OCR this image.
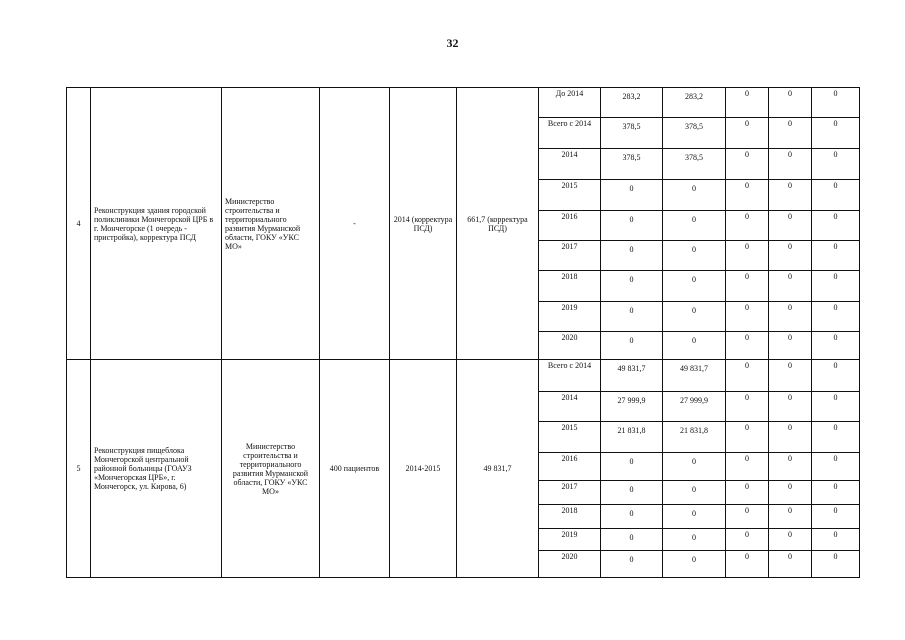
32
4	Реконструкция здания городской поликлиники Мончегорской ЦРБ в г. Мончегорске (1 очередь - пристройка), корректура ПСД	Министерство строительства и территориального развития Мурманской области, ГОКУ «УКС МО»	-	2014 (корректура ПСД)	661,7 (корректура ПСД)	До 2014	283,2	283,2	0	0	0
						Всего с 2014	378,5	378,5	0	0	0
						2014	378,5	378,5	0	0	0
						2015	0	0	0	0	0
						2016	0	0	0	0	0
						2017	0	0	0	0	0
						2018	0	0	0	0	0
						2019	0	0	0	0	0
						2020	0	0	0	0	0
5	Реконструкция пищеблока Мончегорской центральной районной больницы (ГОАУЗ «Мончегорская ЦРБ», г. Мончегорск, ул. Кирова, 6)	Министерство строительства и территориального развития Мурманской области, ГОКУ «УКС МО»	400 пациентов	2014-2015	49 831,7	Всего с 2014	49 831,7	49 831,7	0	0	0
						2014	27 999,9	27 999,9	0	0	0
						2015	21 831,8	21 831,8	0	0	0
						2016	0	0	0	0	0
						2017	0	0	0	0	0
						2018	0	0	0	0	0
						2019	0	0	0	0	0
						2020	0	0	0	0	0
